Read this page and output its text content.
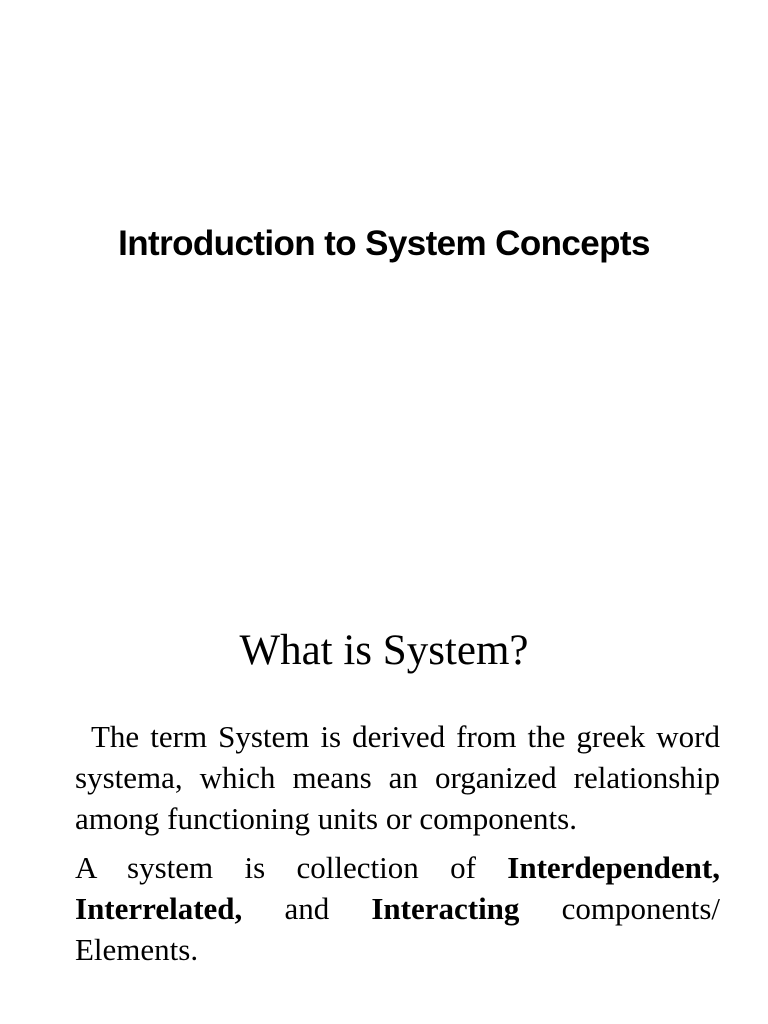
Introduction to System Concepts
What is System?

The term System is derived from the greek word systema, which means an organized relationship among functioning units or components.

A system is collection of Interdependent, Interrelated, and Interacting components/ Elements.
